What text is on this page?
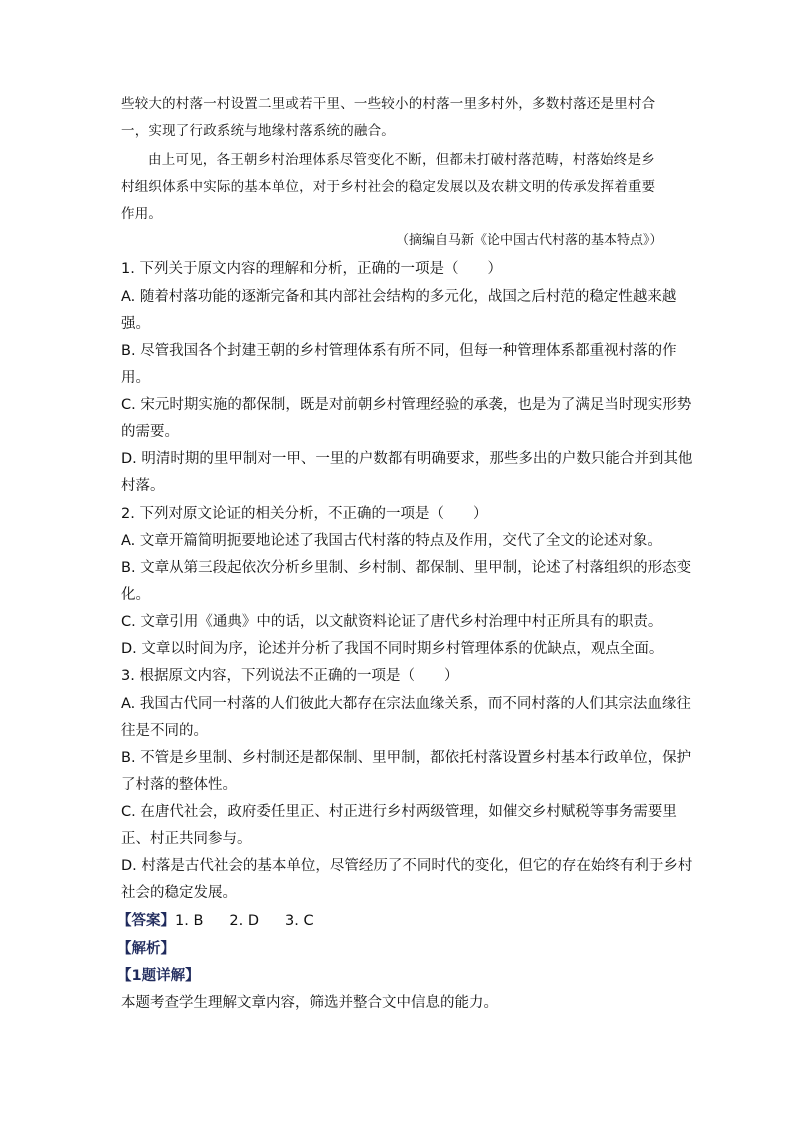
些较大的村落一村设置二里或若干里、一些较小的村落一里多村外，多数村落还是里村合
一，实现了行政系统与地缘村落系统的融合。
由上可见，各王朝乡村治理体系尽管变化不断，但都未打破村落范畴，村落始终是乡
村组织体系中实际的基本单位，对于乡村社会的稳定发展以及农耕文明的传承发挥着重要
作用。
（摘编自马新《论中国古代村落的基本特点》）
1. 下列关于原文内容的理解和分析，正确的一项是（　　）
A. 随着村落功能的逐渐完备和其内部社会结构的多元化，战国之后村范的稳定性越来越
强。
B. 尽管我国各个封建王朝的乡村管理体系有所不同，但每一种管理体系都重视村落的作
用。
C. 宋元时期实施的都保制，既是对前朝乡村管理经验的承袭，也是为了满足当时现实形势
的需要。
D. 明清时期的里甲制对一甲、一里的户数都有明确要求，那些多出的户数只能合并到其他
村落。
2. 下列对原文论证的相关分析，不正确的一项是（　　）
A. 文章开篇简明扼要地论述了我国古代村落的特点及作用，交代了全文的论述对象。
B. 文章从第三段起依次分析乡里制、乡村制、都保制、里甲制，论述了村落组织的形态变
化。
C. 文章引用《通典》中的话，以文献资料论证了唐代乡村治理中村正所具有的职责。
D. 文章以时间为序，论述并分析了我国不同时期乡村管理体系的优缺点，观点全面。
3. 根据原文内容，下列说法不正确的一项是（　　）
A. 我国古代同一村落的人们彼此大都存在宗法血缘关系，而不同村落的人们其宗法血缘往
往是不同的。
B. 不管是乡里制、乡村制还是都保制、里甲制，都依托村落设置乡村基本行政单位，保护
了村落的整体性。
C. 在唐代社会，政府委任里正、村正进行乡村两级管理，如催交乡村赋税等事务需要里
正、村正共同参与。
D. 村落是古代社会的基本单位，尽管经历了不同时代的变化，但它的存在始终有利于乡村
社会的稳定发展。
【答案】1. B 2. D 3. C
【解析】
【1题详解】
本题考查学生理解文章内容，筛选并整合文中信息的能力。
